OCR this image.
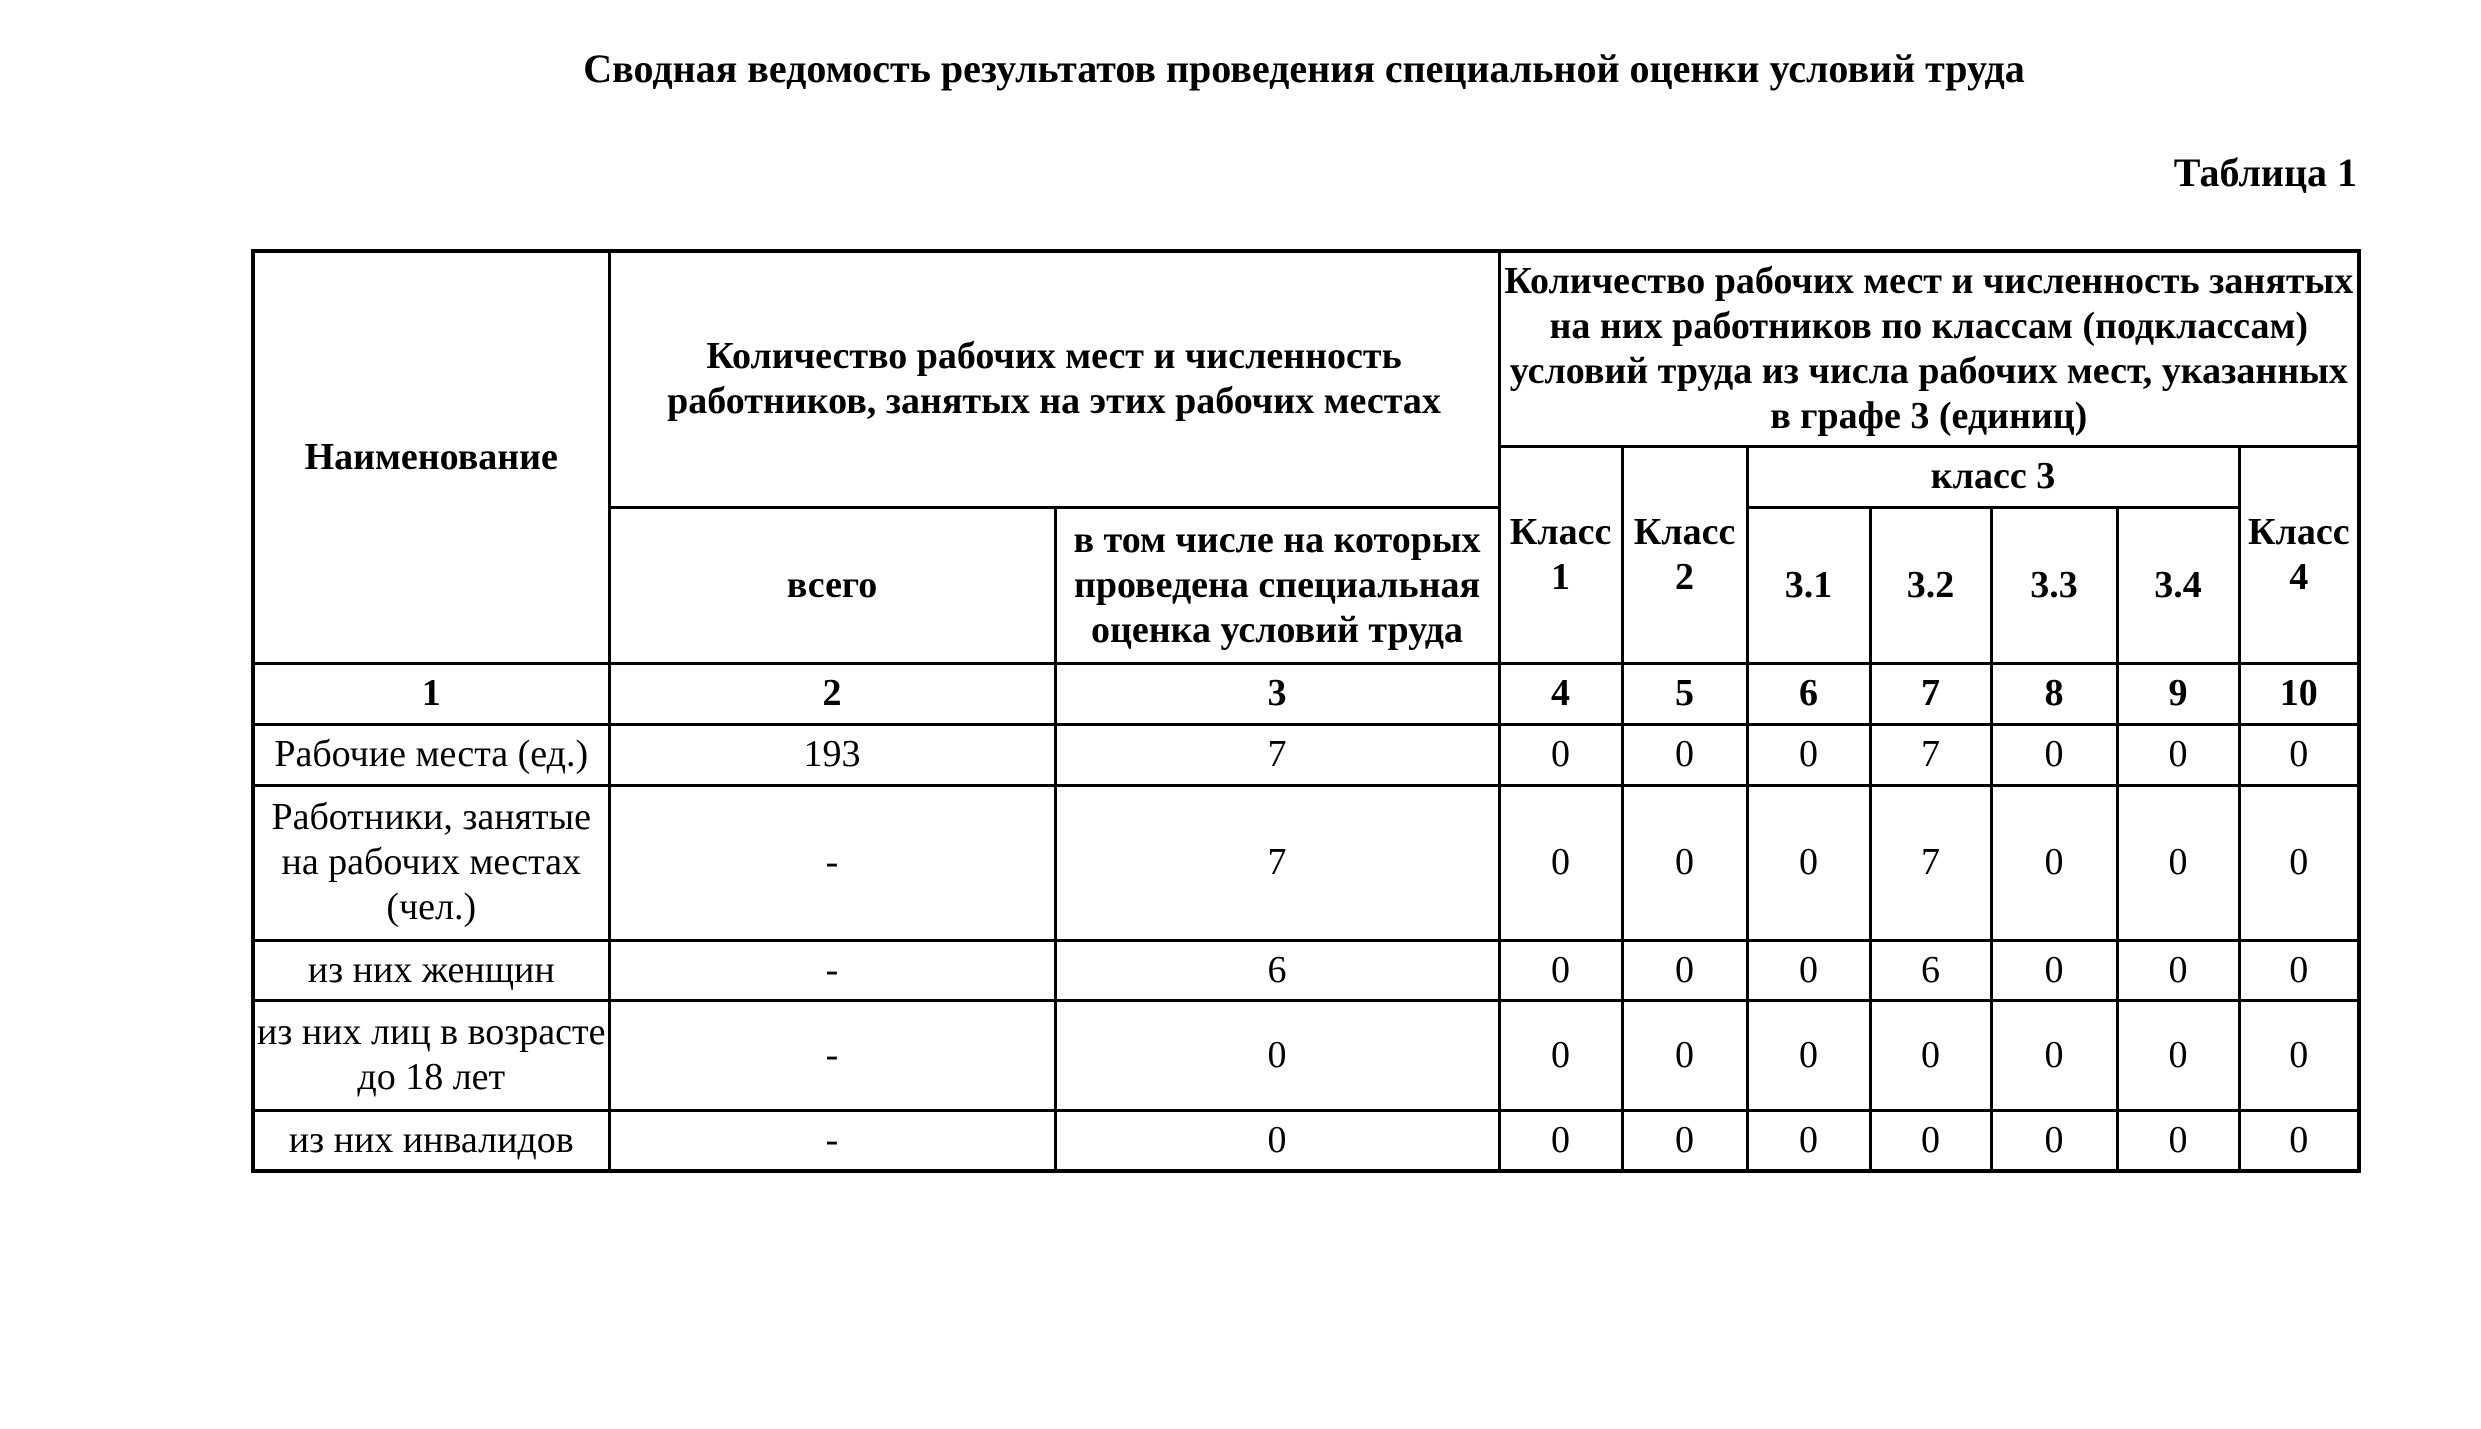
Сводная ведомость результатов проведения специальной оценки условий труда
Таблица 1
Наименование	Количество рабочих мест и численность работников, занятых на этих рабочих местах		Количество рабочих мест и численность занятых на них работников по классам (подклассам) условий труда из числа рабочих мест, указанных в графе 3 (единиц)						
			Класс 1	Класс 2	класс 3				Класс 4
	всего	в том числе на которых проведена специальная оценка условий труда			3.1	3.2	3.3	3.4	
1	2	3	4	5	6	7	8	9	10
Рабочие места (ед.)	193	7	0	0	0	7	0	0	0
Работники, занятые на рабочих местах (чел.)	-	7	0	0	0	7	0	0	0
из них женщин	-	6	0	0	0	6	0	0	0
из них лиц в возрасте до 18 лет	-	0	0	0	0	0	0	0	0
из них инвалидов	-	0	0	0	0	0	0	0	0
